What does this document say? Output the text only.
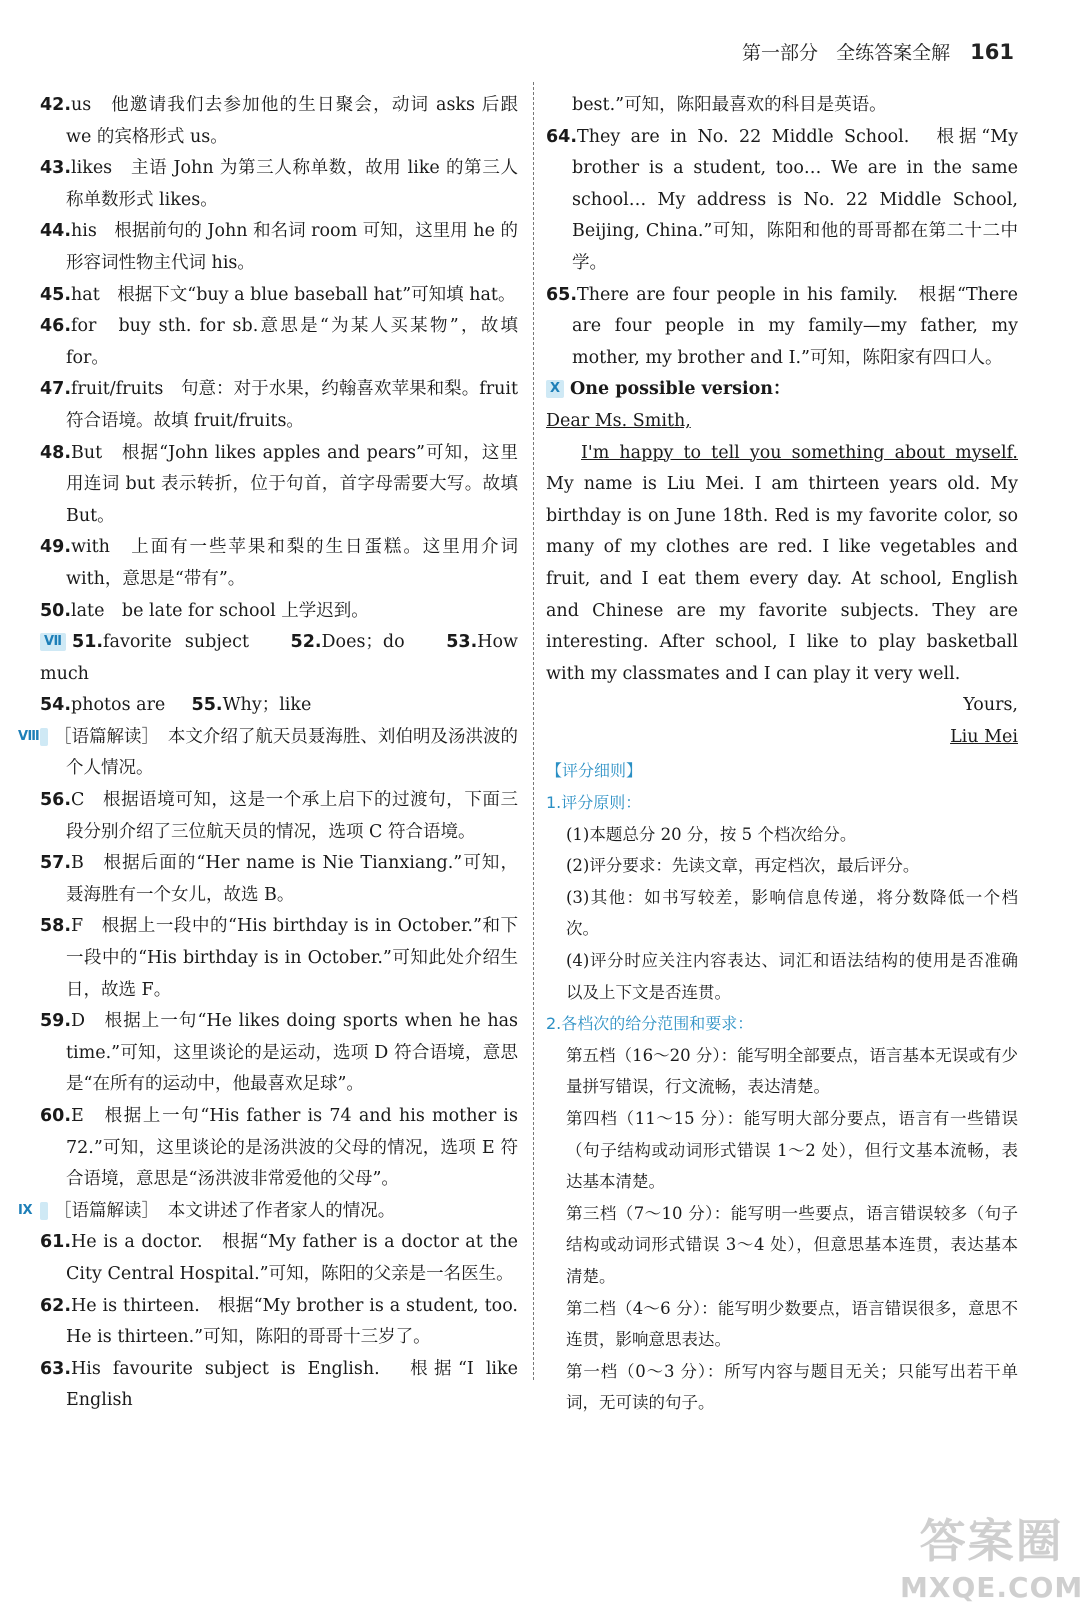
第一部分 全练答案全解 161

42.us　他邀请我们去参加他的生日聚会，动词 asks 后跟 we 的宾格形式 us。

43.likes　主语 John 为第三人称单数，故用 like 的第三人称单数形式 likes。

44.his　根据前句的 John 和名词 room 可知，这里用 he 的形容词性物主代词 his。

45.hat　根据下文“buy a blue baseball hat”可知填 hat。

46.for　buy sth. for sb.意思是“为某人买某物”，故填 for。

47.fruit/fruits　句意：对于水果，约翰喜欢苹果和梨。fruit 符合语境。故填 fruit/fruits。

48.But　根据“John likes apples and pears”可知，这里用连词 but 表示转折，位于句首，首字母需要大写。故填 But。

49.with　上面有一些苹果和梨的生日蛋糕。这里用介词 with，意思是“带有”。

50.late　be late for school 上学迟到。

Ⅶ 51.favorite subject　  52.Does；do　  53.How much

54.photos are　  55.Why；like

Ⅷ ［语篇解读］　本文介绍了航天员聂海胜、刘伯明及汤洪波的个人情况。

56.C　根据语境可知，这是一个承上启下的过渡句，下面三段分别介绍了三位航天员的情况，选项 C 符合语境。

57.B　根据后面的“Her name is Nie Tianxiang.”可知，聂海胜有一个女儿，故选 B。

58.F　根据上一段中的“His birthday is in October.”和下一段中的“His birthday is in October.”可知此处介绍生日，故选 F。

59.D　根据上一句“He likes doing sports when he has time.”可知，这里谈论的是运动，选项 D 符合语境，意思是“在所有的运动中，他最喜欢足球”。

60.E　根据上一句“His father is 74 and his mother is 72.”可知，这里谈论的是汤洪波的父母的情况，选项 E 符合语境，意思是“汤洪波非常爱他的父母”。

Ⅸ ［语篇解读］　本文讲述了作者家人的情况。

61.He is a doctor.　根据“My father is a doctor at the City Central Hospital.”可知，陈阳的父亲是一名医生。

62.He is thirteen.　根据“My brother is a student, too. He is thirteen.”可知，陈阳的哥哥十三岁了。

63.His favourite subject is English.　根据“I like English

best.”可知，陈阳最喜欢的科目是英语。

64.They are in No. 22 Middle School.　根据“My brother is a student, too… We are in the same school… My address is No. 22 Middle School, Beijing, China.”可知，陈阳和他的哥哥都在第二十二中学。

65.There are four people in his family.　根据“There are four people in my family—my father, my mother, my brother and I.”可知，陈阳家有四口人。

Ⅹ One possible version：

Dear Ms. Smith,

I'm happy to tell you something about myself. My name is Liu Mei. I am thirteen years old. My birthday is on June 18th. Red is my favorite color, so many of my clothes are red. I like vegetables and fruit, and I eat them every day. At school, English and Chinese are my favorite subjects. They are interesting. After school, I like to play basketball with my classmates and I can play it very well.

Yours,

Liu Mei

【评分细则】

1.评分原则：

(1)本题总分 20 分，按 5 个档次给分。

(2)评分要求：先读文章，再定档次，最后评分。

(3)其他：如书写较差，影响信息传递，将分数降低一个档次。

(4)评分时应关注内容表达、词汇和语法结构的使用是否准确以及上下文是否连贯。

2.各档次的给分范围和要求：

第五档（16～20 分）：能写明全部要点，语言基本无误或有少量拼写错误，行文流畅，表达清楚。

第四档（11～15 分）：能写明大部分要点，语言有一些错误（句子结构或动词形式错误 1～2 处），但行文基本流畅，表达基本清楚。

第三档（7～10 分）：能写明一些要点，语言错误较多（句子结构或动词形式错误 3～4 处），但意思基本连贯，表达基本清楚。

第二档（4～6 分）：能写明少数要点，语言错误很多，意思不连贯，影响意思表达。

第一档（0～3 分）：所写内容与题目无关；只能写出若干单词，无可读的句子。

答案圈
MXQE.COM
